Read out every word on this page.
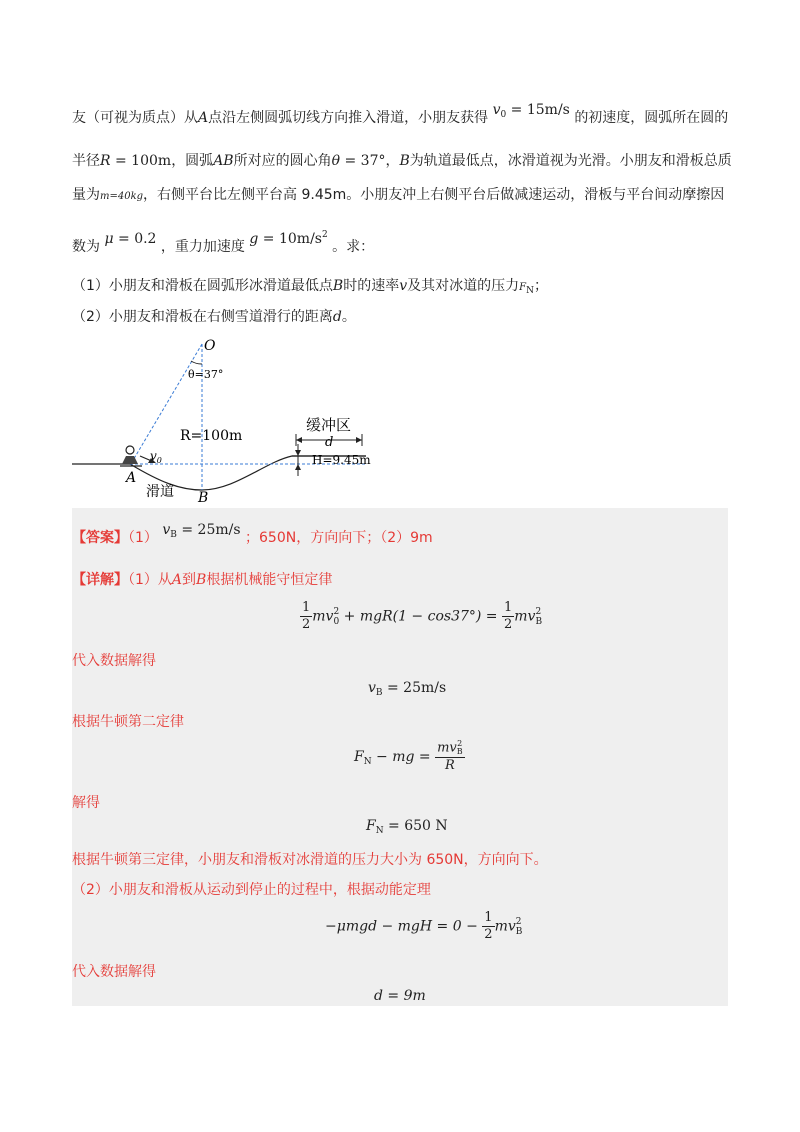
友（可视为质点）从A点沿左侧圆弧切线方向推入滑道，小朋友获得 $v_0 = 15m/s$ 的初速度，圆弧所在圆的
半径R = 100m，圆弧AB所对应的圆心角θ = 37°，B为轨道最低点，冰滑道视为光滑。小朋友和滑板总质
量为m=40kg，右侧平台比左侧平台高 9.45m。小朋友冲上右侧平台后做减速运动，滑板与平台间动摩擦因
数为 μ = 0.2 ，重力加速度 $g = 10m/s^2$ 。求：
（1）小朋友和滑板在圆弧形冰滑道最低点B时的速率v及其对冰道的压力FN；
（2）小朋友和滑板在右侧雪道滑行的距离d。
O
θ=37°
R=100m
缓冲区
d
H=9.45m
$v_0$
A
B
滑道
【答案】（1） $v_B = 25m/s$ ；650N，方向向下；（2）9m
【详解】（1）从A到B根据机械能守恒定律
$\frac{1}{2}$ mv 2
$0 + mgR(1 - \cos 37^\circ) = \frac{1}{2}$ mv 2
B
代入数据解得
$v_B = 25m/s$
根据牛顿第二定律
$F_N$ − mg = mv 2
B
R
解得
$F_N = 650$ N
根据牛顿第三定律，小朋友和滑板对冰滑道的压力大小为 650N，方向向下。
（2）小朋友和滑板从运动到停止的过程中，根据动能定理
−μmgd − mgH = $0 - \frac{1}{2}$ mv 2
B
代入数据解得
d = 9m
